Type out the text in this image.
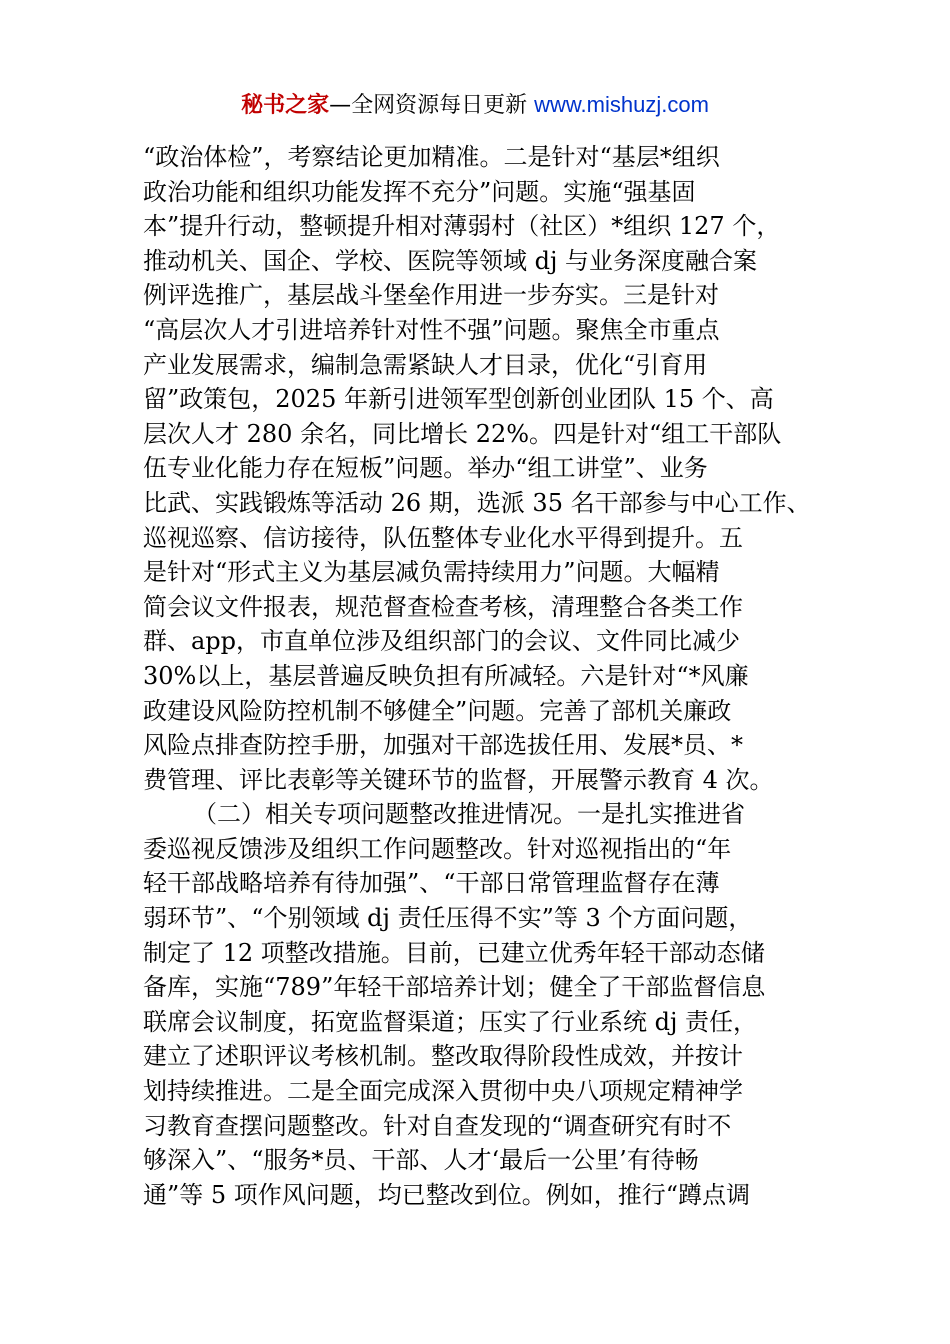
秘书之家—全网资源每日更新 www.mishuzj.com
“政治体检”，考察结论更加精准。二是针对“基层*组织
政治功能和组织功能发挥不充分”问题。实施“强基固
本”提升行动，整顿提升相对薄弱村（社区）*组织 127 个，
推动机关、国企、学校、医院等领域 dj 与业务深度融合案
例评选推广，基层战斗堡垒作用进一步夯实。三是针对
“高层次人才引进培养针对性不强”问题。聚焦全市重点
产业发展需求，编制急需紧缺人才目录，优化“引育用
留”政策包，2025 年新引进领军型创新创业团队 15 个、高
层次人才 280 余名，同比增长 22%。四是针对“组工干部队
伍专业化能力存在短板”问题。举办“组工讲堂”、业务
比武、实践锻炼等活动 26 期，选派 35 名干部参与中心工作、
巡视巡察、信访接待，队伍整体专业化水平得到提升。五
是针对“形式主义为基层减负需持续用力”问题。大幅精
简会议文件报表，规范督查检查考核，清理整合各类工作
群、app，市直单位涉及组织部门的会议、文件同比减少
30%以上，基层普遍反映负担有所减轻。六是针对“*风廉
政建设风险防控机制不够健全”问题。完善了部机关廉政
风险点排查防控手册，加强对干部选拔任用、发展*员、*
费管理、评比表彰等关键环节的监督，开展警示教育 4 次。
（二）相关专项问题整改推进情况。一是扎实推进省
委巡视反馈涉及组织工作问题整改。针对巡视指出的“年
轻干部战略培养有待加强”、“干部日常管理监督存在薄
弱环节”、“个别领域 dj 责任压得不实”等 3 个方面问题，
制定了 12 项整改措施。目前，已建立优秀年轻干部动态储
备库，实施“789”年轻干部培养计划；健全了干部监督信息
联席会议制度，拓宽监督渠道；压实了行业系统 dj 责任，
建立了述职评议考核机制。整改取得阶段性成效，并按计
划持续推进。二是全面完成深入贯彻中央八项规定精神学
习教育查摆问题整改。针对自查发现的“调查研究有时不
够深入”、“服务*员、干部、人才‘最后一公里’有待畅
通”等 5 项作风问题，均已整改到位。例如，推行“蹲点调
